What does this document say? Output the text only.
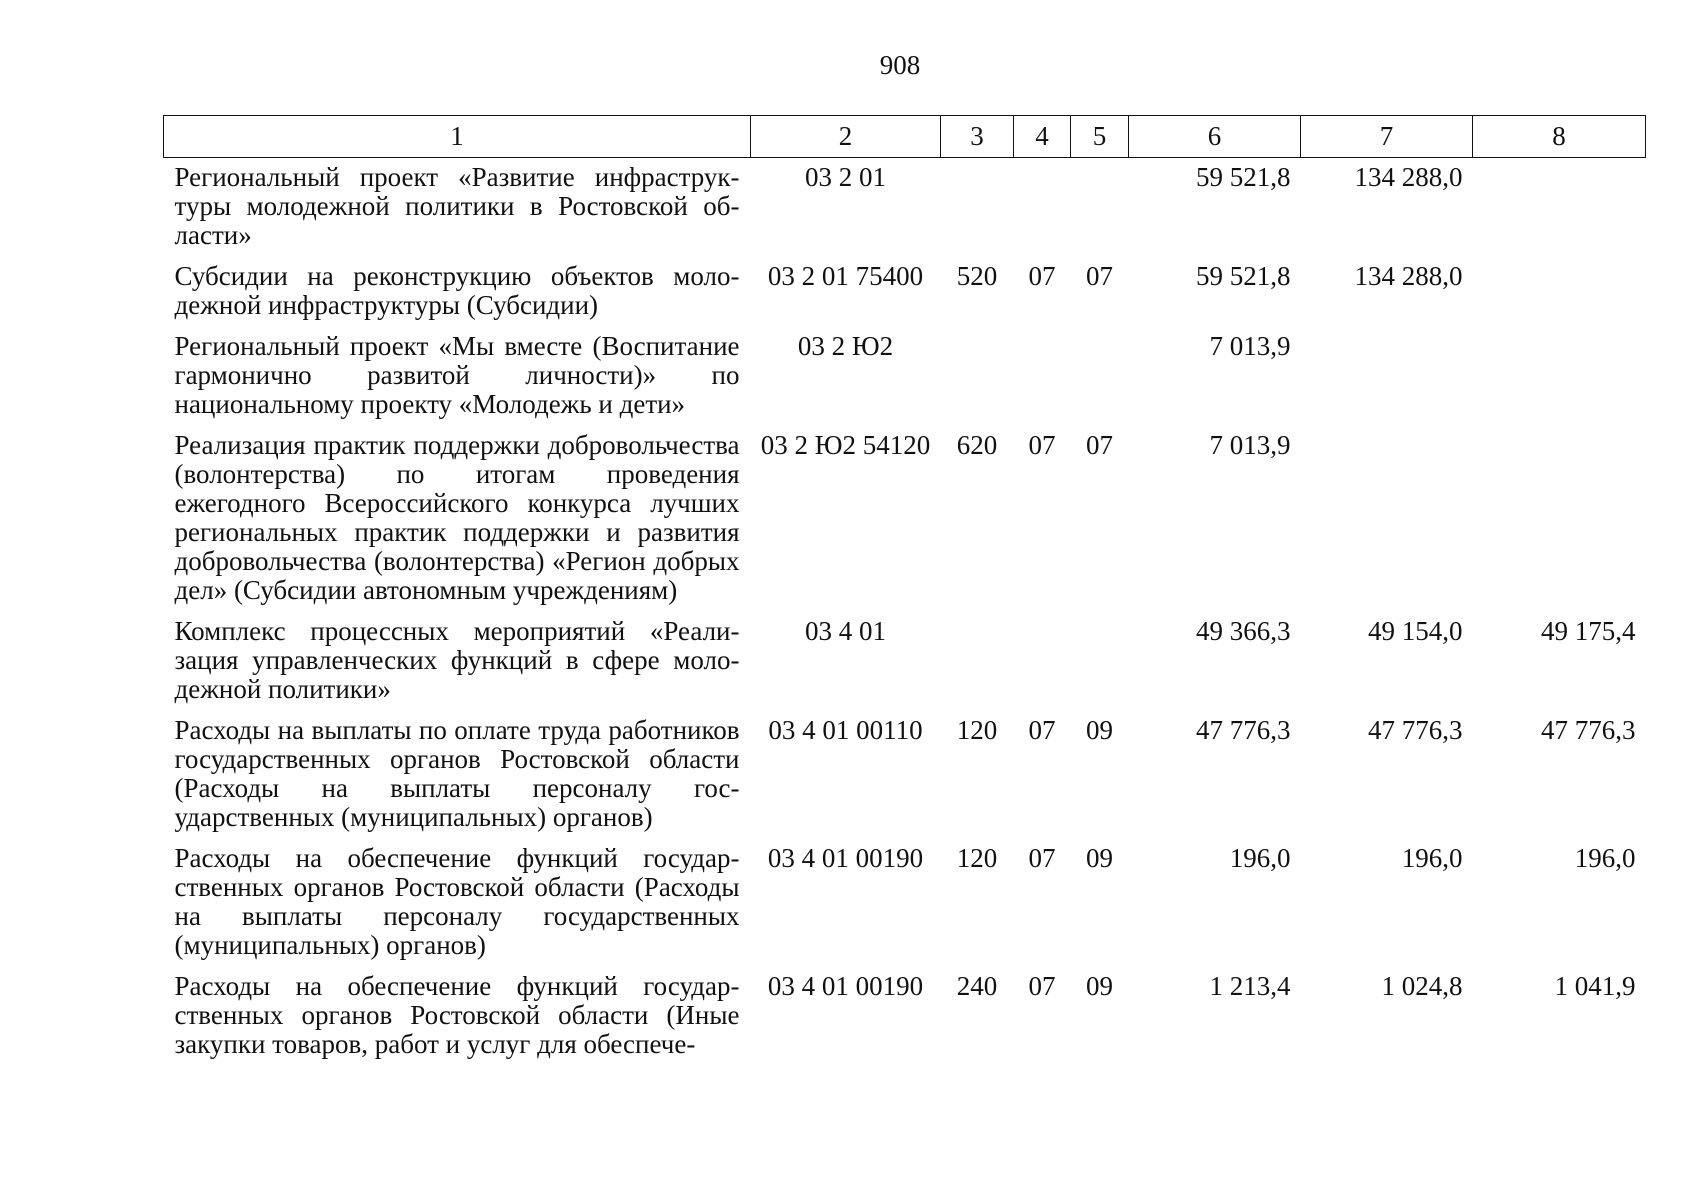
908
1	2	3	4	5	6	7	8
Региональный проект «Развитие инфраструктуры молодежной политики в Ростовской области»	03 2 01				59 521,8	134 288,0	
Субсидии на реконструкцию объектов молодежной инфраструктуры (Субсидии)	03 2 01 75400	520	07	07	59 521,8	134 288,0	
Региональный проект «Мы вместе (Воспитание гармонично развитой личности)» по национальному проекту «Молодежь и дети»	03 2 Ю2				7 013,9		
Реализация практик поддержки добровольчества (волонтерства) по итогам проведения ежегодного Всероссийского конкурса лучших региональных практик поддержки и развития добровольчества (волонтерства) «Регион добрых дел» (Субсидии автономным учреждениям)	03 2 Ю2 54120	620	07	07	7 013,9		
Комплекс процессных мероприятий «Реализация управленческих функций в сфере молодежной политики»	03 4 01				49 366,3	49 154,0	49 175,4
Расходы на выплаты по оплате труда работников государственных органов Ростовской области (Расходы на выплаты персоналу государственных (муниципальных) органов)	03 4 01 00110	120	07	09	47 776,3	47 776,3	47 776,3
Расходы на обеспечение функций государственных органов Ростовской области (Расходы на выплаты персоналу государственных (муниципальных) органов)	03 4 01 00190	120	07	09	196,0	196,0	196,0
Расходы на обеспечение функций государственных органов Ростовской области (Иные закупки товаров, работ и услуг для обеспече-	03 4 01 00190	240	07	09	1 213,4	1 024,8	1 041,9
